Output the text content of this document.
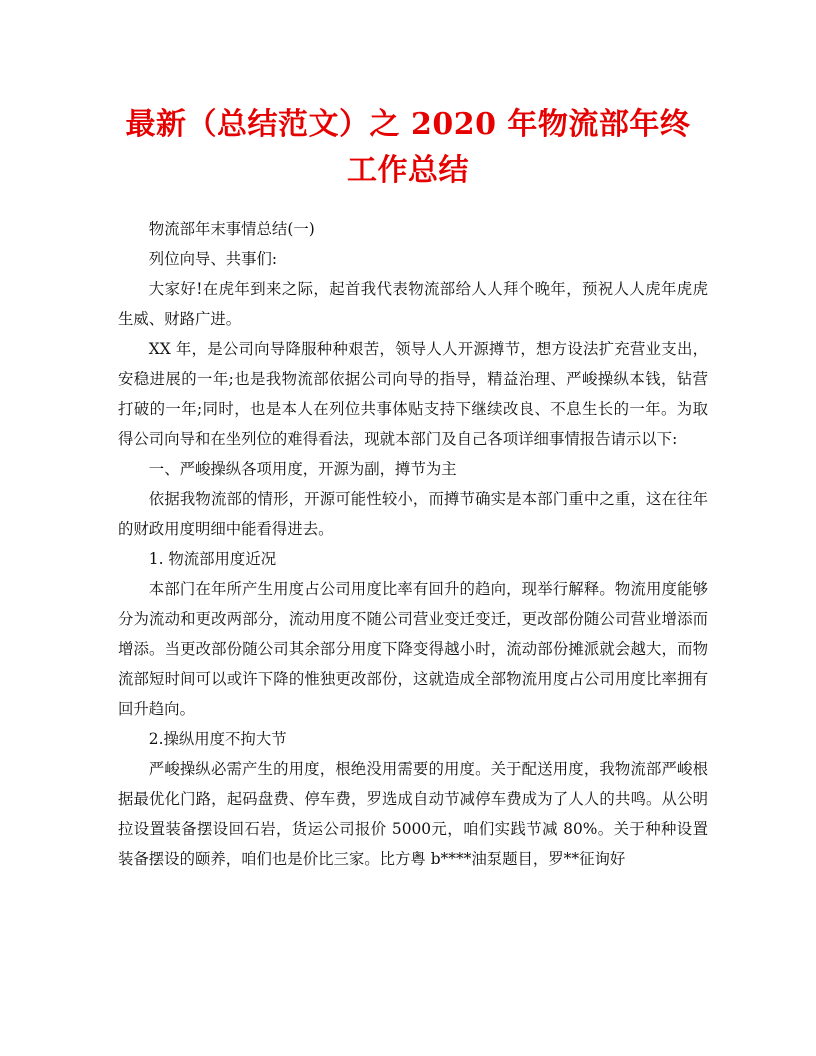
最新（总结范文）之 2020 年物流部年终
工作总结

物流部年末事情总结(一)

列位向导、共事们:

大家好!在虎年到来之际，起首我代表物流部给人人拜个晚年，预祝人人虎年虎虎生威、财路广进。

XX 年，是公司向导降服种种艰苦，领导人人开源撙节，想方设法扩充营业支出，安稳进展的一年;也是我物流部依据公司向导的指导，精益治理、严峻操纵本钱，钻营打破的一年;同时，也是本人在列位共事体贴支持下继续改良、不息生长的一年。为取得公司向导和在坐列位的难得看法，现就本部门及自己各项详细事情报告请示以下:

一、严峻操纵各项用度，开源为副，撙节为主

依据我物流部的情形，开源可能性较小，而撙节确实是本部门重中之重，这在往年的财政用度明细中能看得进去。

1. 物流部用度近况

本部门在年所产生用度占公司用度比率有回升的趋向，现举行解释。物流用度能够分为流动和更改两部分，流动用度不随公司营业变迁变迁，更改部份随公司营业增添而增添。当更改部份随公司其余部分用度下降变得越小时，流动部份摊派就会越大，而物流部短时间可以或许下降的惟独更改部份，这就造成全部物流用度占公司用度比率拥有回升趋向。

2.操纵用度不拘大节

严峻操纵必需产生的用度，根绝没用需要的用度。关于配送用度，我物流部严峻根据最优化门路，起码盘费、停车费，罗选成自动节减停车费成为了人人的共鸣。从公明拉设置装备摆设回石岩，货运公司报价 5000元，咱们实践节减 80%。关于种种设置装备摆设的颐养，咱们也是价比三家。比方粤 b****油泵题目，罗**征询好
